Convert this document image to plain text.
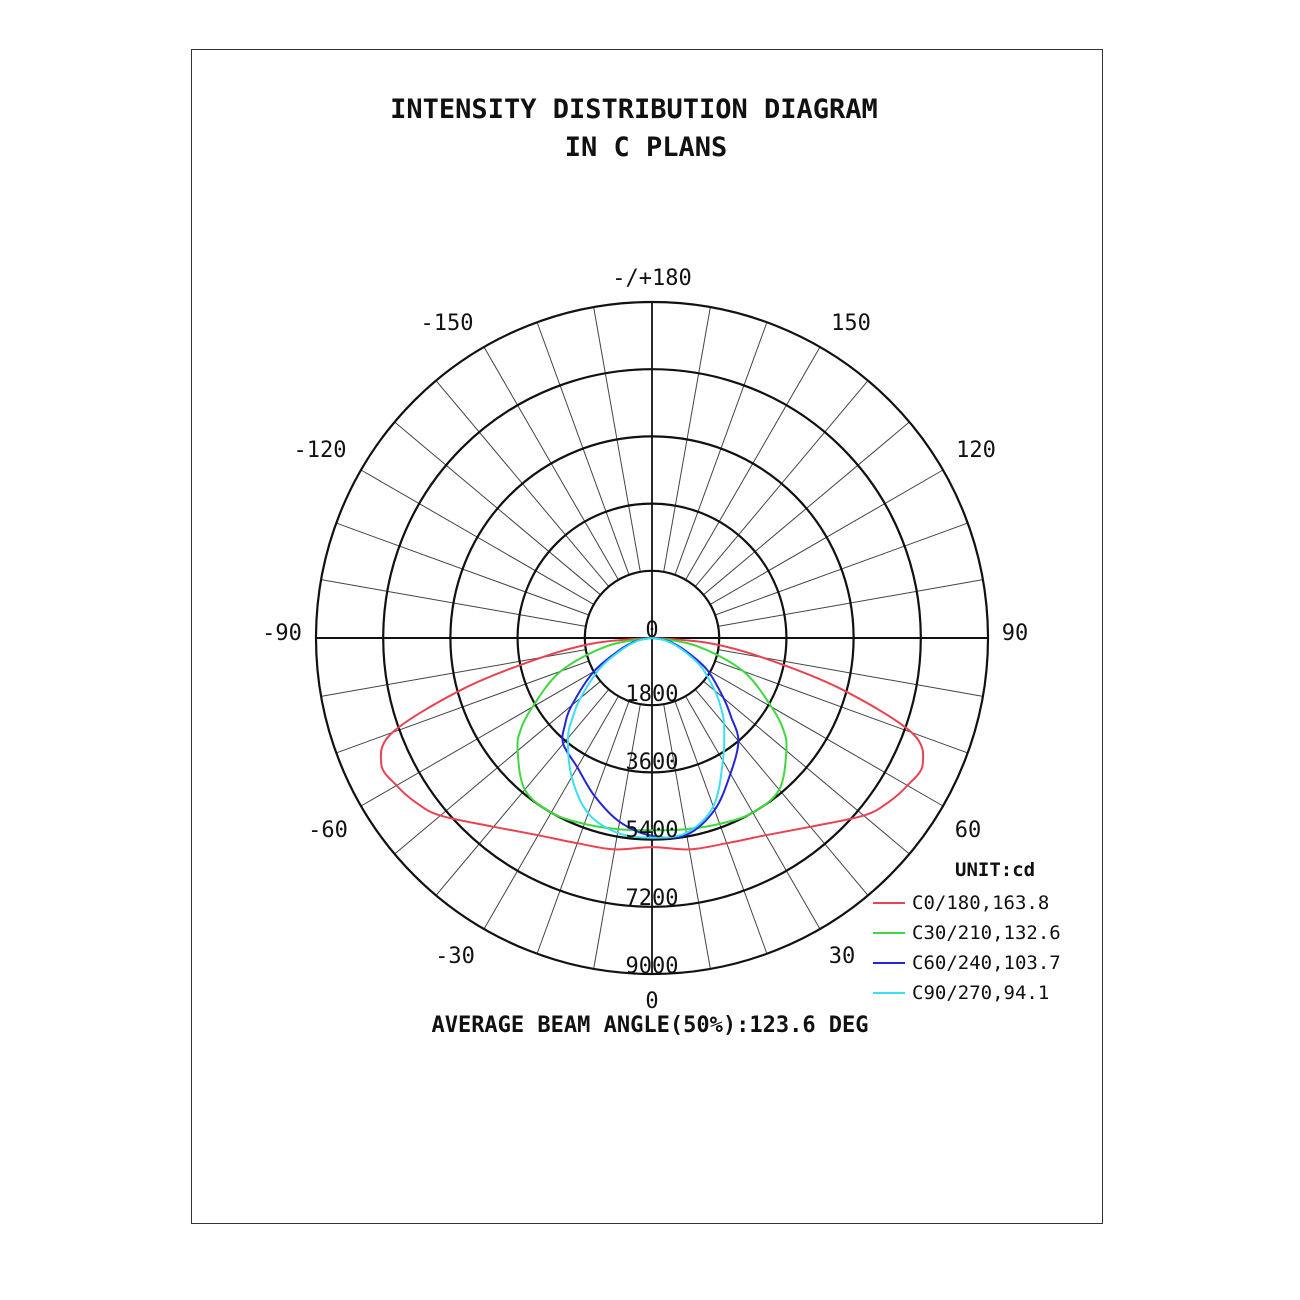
INTENSITY DISTRIBUTION DIAGRAM
IN C PLANS
-/+180
0
-150
-120
-90
-60
-30
150
120
90
60
30
0
1800
3600
5400
7200
9000
UNIT:cd
C0/180,163.8
C30/210,132.6
C60/240,103.7
C90/270,94.1
AVERAGE BEAM ANGLE(50%):123.6 DEG
